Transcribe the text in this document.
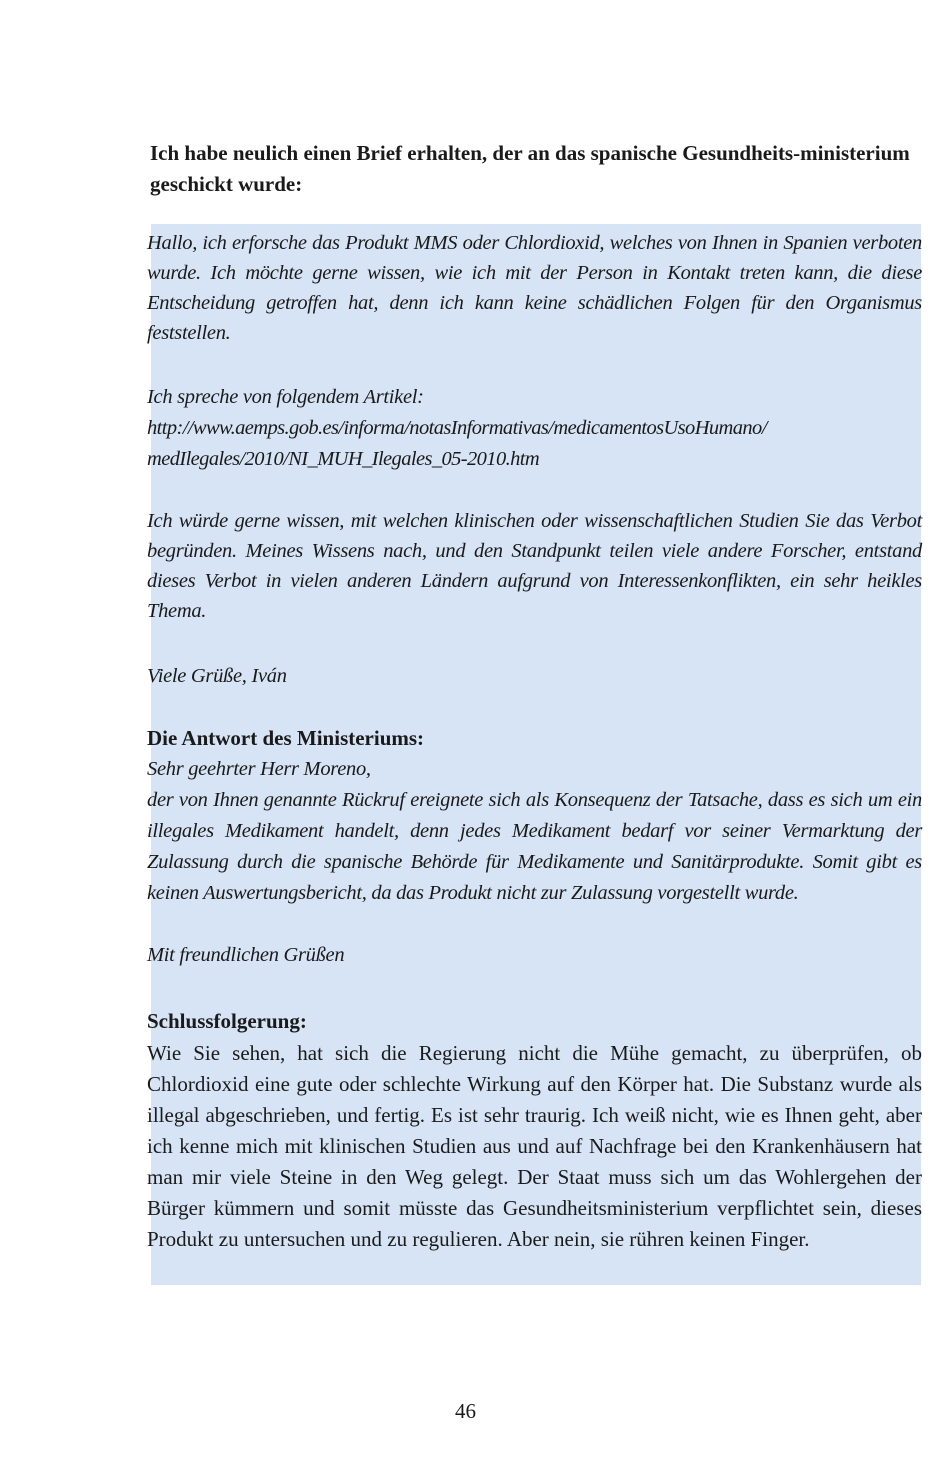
Ich habe neulich einen Brief erhalten, der an das spanische Gesundheits-ministerium geschickt wurde:

Hallo, ich erforsche das Produkt MMS oder Chlordioxid, welches von Ihnen in Spanien verboten wurde. Ich möchte gerne wissen, wie ich mit der Person in Kontakt treten kann, die diese Entscheidung getroffen hat, denn ich kann keine schädlichen Folgen für den Organismus feststellen.

Ich spreche von folgendem Artikel:

http://www.aemps.gob.es/informa/notasInformativas/medicamentosUsoHumano/

medIlegales/2010/NI_MUH_Ilegales_05-2010.htm

Ich würde gerne wissen, mit welchen klinischen oder wissenschaftlichen Studien Sie das Verbot begründen. Meines Wissens nach, und den Standpunkt teilen viele andere Forscher, entstand dieses Verbot in vielen anderen Ländern aufgrund von Interessenkonflikten, ein sehr heikles Thema.

Viele Grüße, Iván

Die Antwort des Ministeriums:

Sehr geehrter Herr Moreno,

der von Ihnen genannte Rückruf ereignete sich als Konsequenz der Tatsache, dass es sich um ein illegales Medikament handelt, denn jedes Medikament bedarf vor seiner Vermarktung der Zulassung durch die spanische Behörde für Medikamente und Sanitärprodukte. Somit gibt es keinen Auswertungsbericht, da das Produkt nicht zur Zulassung vorgestellt wurde.

Mit freundlichen Grüßen

Schlussfolgerung:

Wie Sie sehen, hat sich die Regierung nicht die Mühe gemacht, zu überprüfen, ob Chlordioxid eine gute oder schlechte Wirkung auf den Körper hat. Die Substanz wurde als illegal abgeschrieben, und fertig. Es ist sehr traurig. Ich weiß nicht, wie es Ihnen geht, aber ich kenne mich mit klinischen Studien aus und auf Nachfrage bei den Krankenhäusern hat man mir viele Steine in den Weg gelegt. Der Staat muss sich um das Wohlergehen der Bürger kümmern und somit müsste das Gesundheitsministerium verpflichtet sein, dieses Produkt zu untersuchen und zu regulieren. Aber nein, sie rühren keinen Finger.

46
